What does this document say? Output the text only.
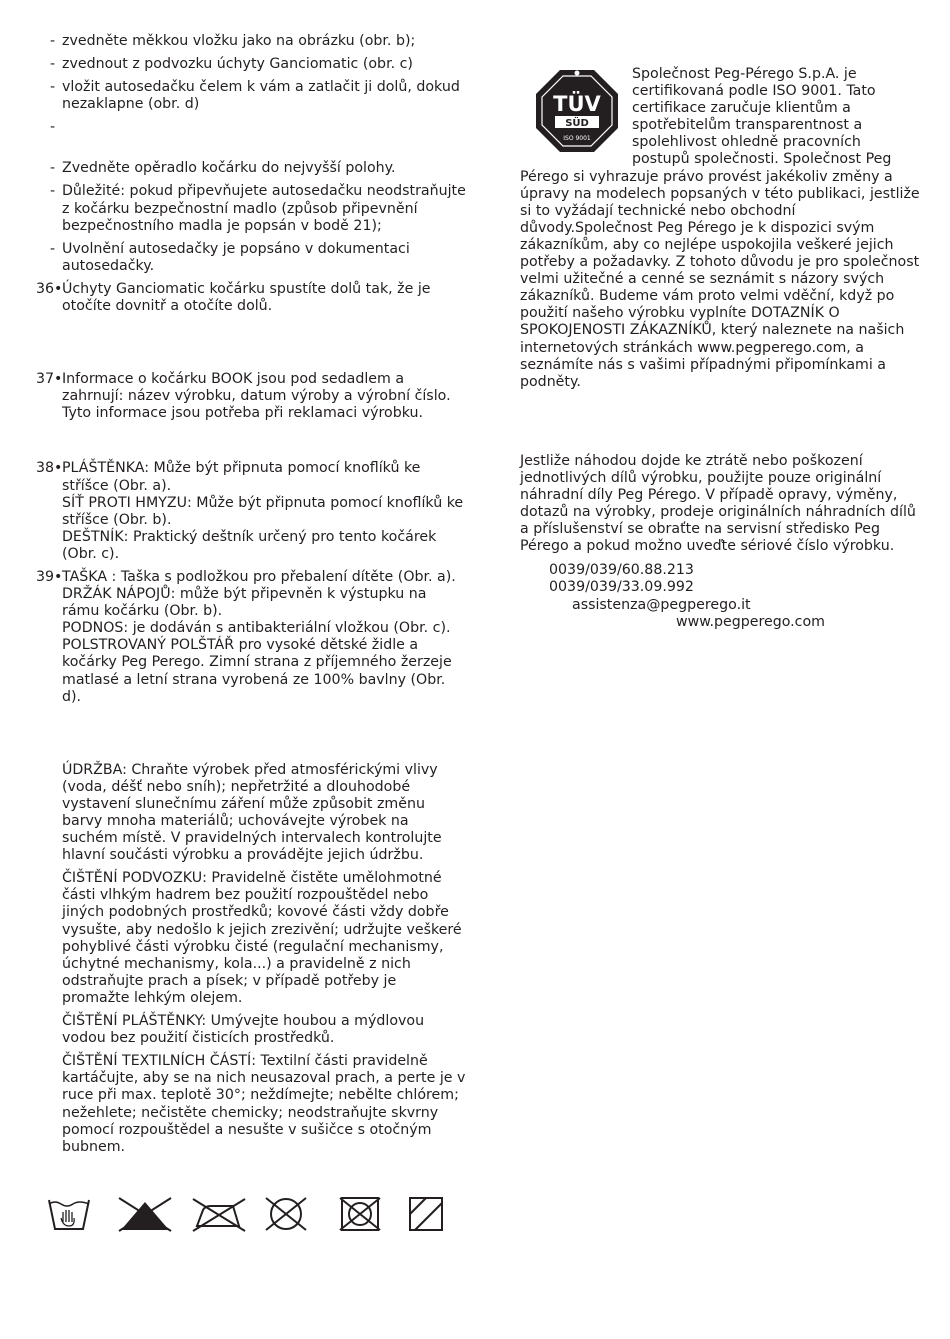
- zvedněte měkkou vložku jako na obrázku (obr. b);
- zvednout z podvozku úchyty Ganciomatic (obr. c)
- vložit autosedačku čelem k vám a zatlačit ji dolů, dokud nezaklapne (obr. d)
-
- Zvedněte opěradlo kočárku do nejvyšší polohy.
- Důležité: pokud připevňujete autosedačku neodstraňujte z kočárku bezpečnostní madlo (způsob připevnění bezpečnostního madla je popsán v bodě 21);
- Uvolnění autosedačky je popsáno v dokumentaci autosedačky.
36• Úchyty Ganciomatic kočárku spustíte dolů tak, že je otočíte dovnitř a otočíte dolů.
37• Informace o kočárku BOOK jsou pod sedadlem a zahrnují: název výrobku, datum výroby a výrobní číslo. Tyto informace jsou potřeba při reklamaci výrobku.
38• PLÁŠTĚNKA: Může být připnuta pomocí knoflíků ke stříšce (Obr. a).
SÍŤ PROTI HMYZU: Může být připnuta pomocí knoflíků ke stříšce (Obr. b).
DEŠTNÍK: Praktický deštník určený pro tento kočárek (Obr. c).
39• TAŠKA : Taška s podložkou pro přebalení dítěte (Obr. a).
DRŽÁK NÁPOJŮ: může být připevněn k výstupku na rámu kočárku (Obr. b).
PODNOS: je dodáván s antibakteriální vložkou (Obr. c).
POLSTROVANÝ POLŠTÁŘ pro vysoké dětské židle a kočárky Peg Perego. Zimní strana z příjemného žerzeje matlasé a letní strana vyrobená ze 100% bavlny (Obr. d).

ÚDRŽBA: Chraňte výrobek před atmosférickými vlivy (voda, déšť nebo sníh); nepřetržité a dlouhodobé vystavení slunečnímu záření může způsobit změnu barvy mnoha materiálů; uchovávejte výrobek na suchém místě. V pravidelných intervalech kontrolujte hlavní součásti výrobku a provádějte jejich údržbu.

ČIŠTĚNÍ PODVOZKU: Pravidelně čistěte umělohmotné části vlhkým hadrem bez použití rozpouštědel nebo jiných podobných prostředků; kovové části vždy dobře vysušte, aby nedošlo k jejich zrezivění; udržujte veškeré pohyblivé části výrobku čisté (regulační mechanismy, úchytné mechanismy, kola...) a pravidelně z nich odstraňujte prach a písek; v případě potřeby je promažte lehkým olejem.

ČIŠTĚNÍ PLÁŠTĚNKY: Umývejte houbou a mýdlovou vodou bez použití čisticích prostředků.

ČIŠTĚNÍ TEXTILNÍCH ČÁSTÍ: Textilní části pravidelně kartáčujte, aby se na nich neusazoval prach, a perte je v ruce při max. teplotě 30°; neždímejte; nebělte chlórem; nežehlete; nečistěte chemicky; neodstraňujte skvrny pomocí rozpouštědel a nesušte v sušičce s otočným bubnem.

TÜV
SÜD
ISO 9001

Společnost Peg-Pérego S.p.A. je certifikovaná podle ISO 9001. Tato certifikace zaručuje klientům a spotřebitelům transparentnost a spolehlivost ohledně pracovních postupů společnosti. Společnost Peg Pérego si vyhrazuje právo provést jakékoliv změny a úpravy na modelech popsaných v této publikaci, jestliže si to vyžádají technické nebo obchodní důvody.Společnost Peg Pérego je k dispozici svým zákazníkům, aby co nejlépe uspokojila veškeré jejich potřeby a požadavky. Z tohoto důvodu je pro společnost velmi užitečné a cenné se seznámit s názory svých zákazníků. Budeme vám proto velmi vděční, když po použití našeho výrobku vyplníte DOTAZNÍK O SPOKOJENOSTI ZÁKAZNÍKŮ, který naleznete na našich internetových stránkách www.pegperego.com, a seznámíte nás s vašimi případnými připomínkami a podněty.

Jestliže náhodou dojde ke ztrátě nebo poškození jednotlivých dílů výrobku, použijte pouze originální náhradní díly Peg Pérego. V případě opravy, výměny, dotazů na výrobky, prodeje originálních náhradních dílů a příslušenství se obraťte na servisní středisko Peg Pérego a pokud možno uveďte sériové číslo výrobku.

0039/039/60.88.213
0039/039/33.09.992
assistenza@pegperego.it
www.pegperego.com
